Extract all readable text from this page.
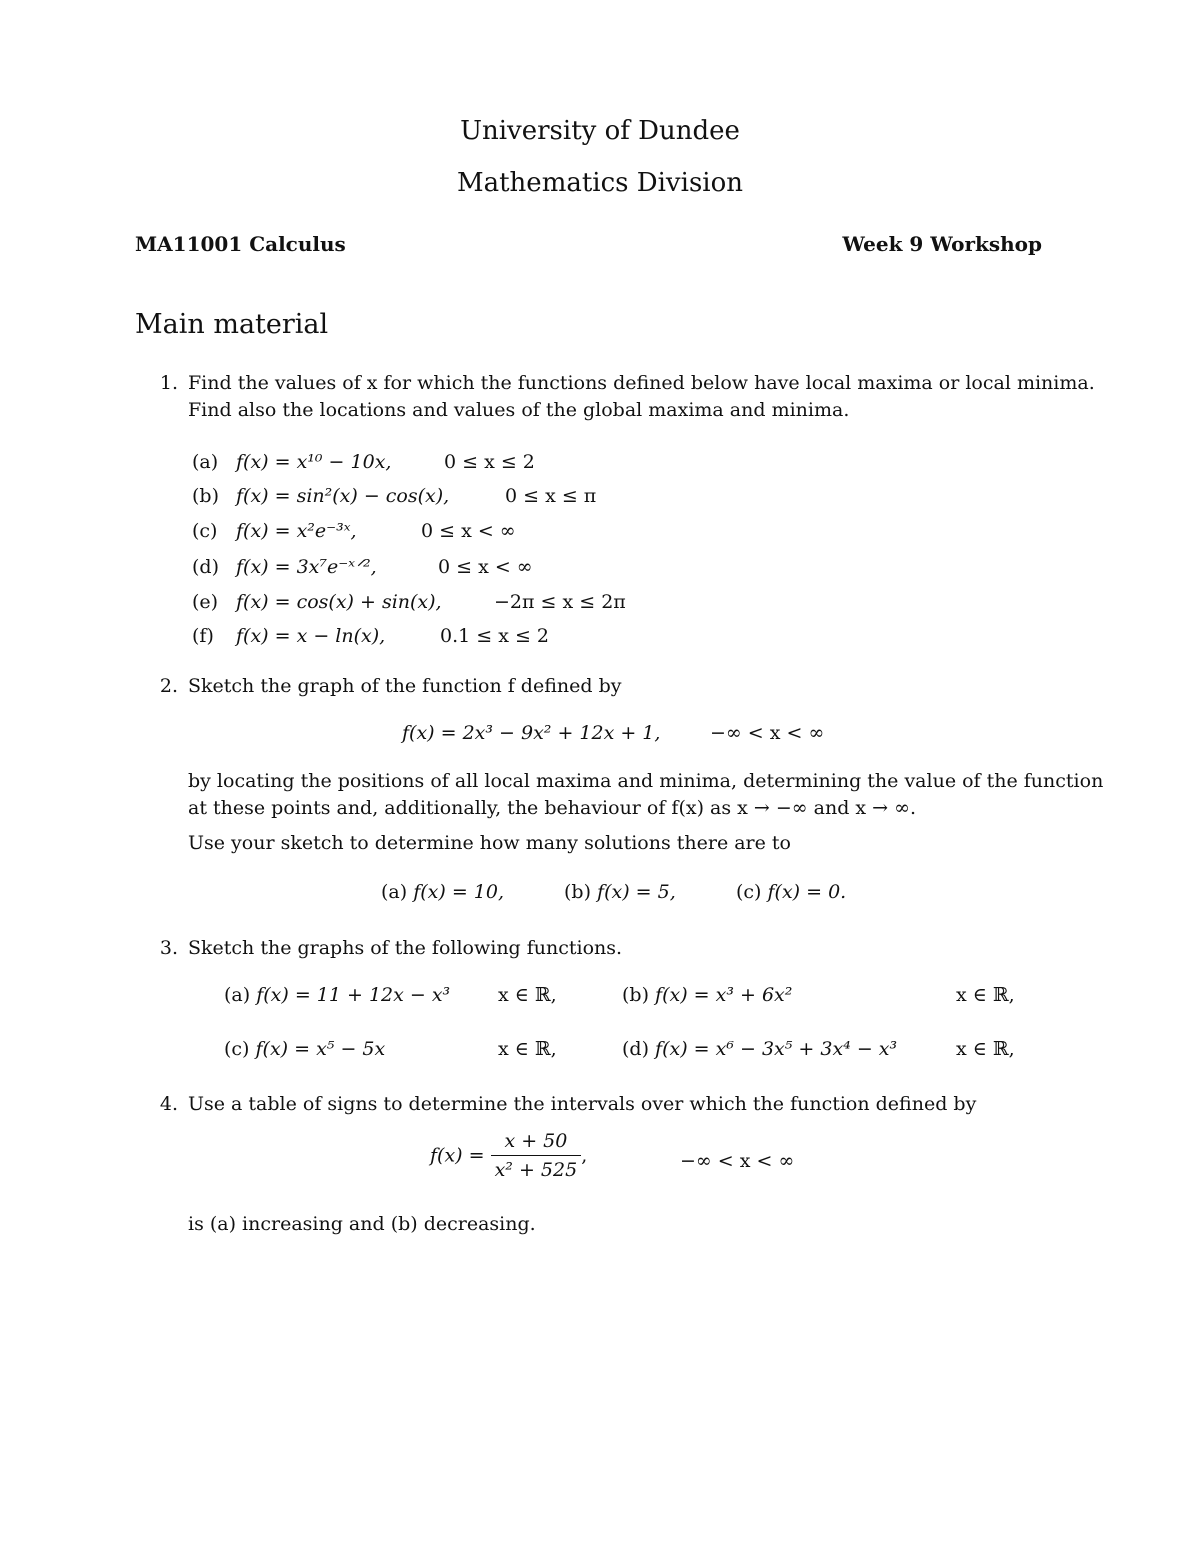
University of Dundee
Mathematics Division
MA11001 Calculus	Week 9 Workshop
Main material
1. Find the values of x for which the functions defined below have local maxima or local minima.
Find also the locations and values of the global maxima and minima.
(a) f(x) = x¹⁰ − 10x,	0 ≤ x ≤ 2
(b) f(x) = sin²(x) − cos(x),	0 ≤ x ≤ π
(c) f(x) = x²e⁻³ˣ,	0 ≤ x < ∞
(d) f(x) = 3x⁷e⁻ˣᐟ²,	0 ≤ x < ∞
(e) f(x) = cos(x) + sin(x),	−2π ≤ x ≤ 2π
(f) f(x) = x − ln(x),	0.1 ≤ x ≤ 2
2. Sketch the graph of the function f defined by
f(x) = 2x³ − 9x² + 12x + 1,	−∞ < x < ∞
by locating the positions of all local maxima and minima, determining the value of the function
at these points and, additionally, the behaviour of f(x) as x → −∞ and x → ∞.
Use your sketch to determine how many solutions there are to
(a) f(x) = 10,	(b) f(x) = 5,	(c) f(x) = 0.
3. Sketch the graphs of the following functions.
(a) f(x) = 11 + 12x − x³	x ∈ ℝ,	(b) f(x) = x³ + 6x²	x ∈ ℝ,
(c) f(x) = x⁵ − 5x	x ∈ ℝ,	(d) f(x) = x⁶ − 3x⁵ + 3x⁴ − x³	x ∈ ℝ,
4. Use a table of signs to determine the intervals over which the function defined by
$f(x) = \frac{x + 50}{\text{x² + 525}}$ ,	−∞ < x < ∞
is (a) increasing and (b) decreasing.
